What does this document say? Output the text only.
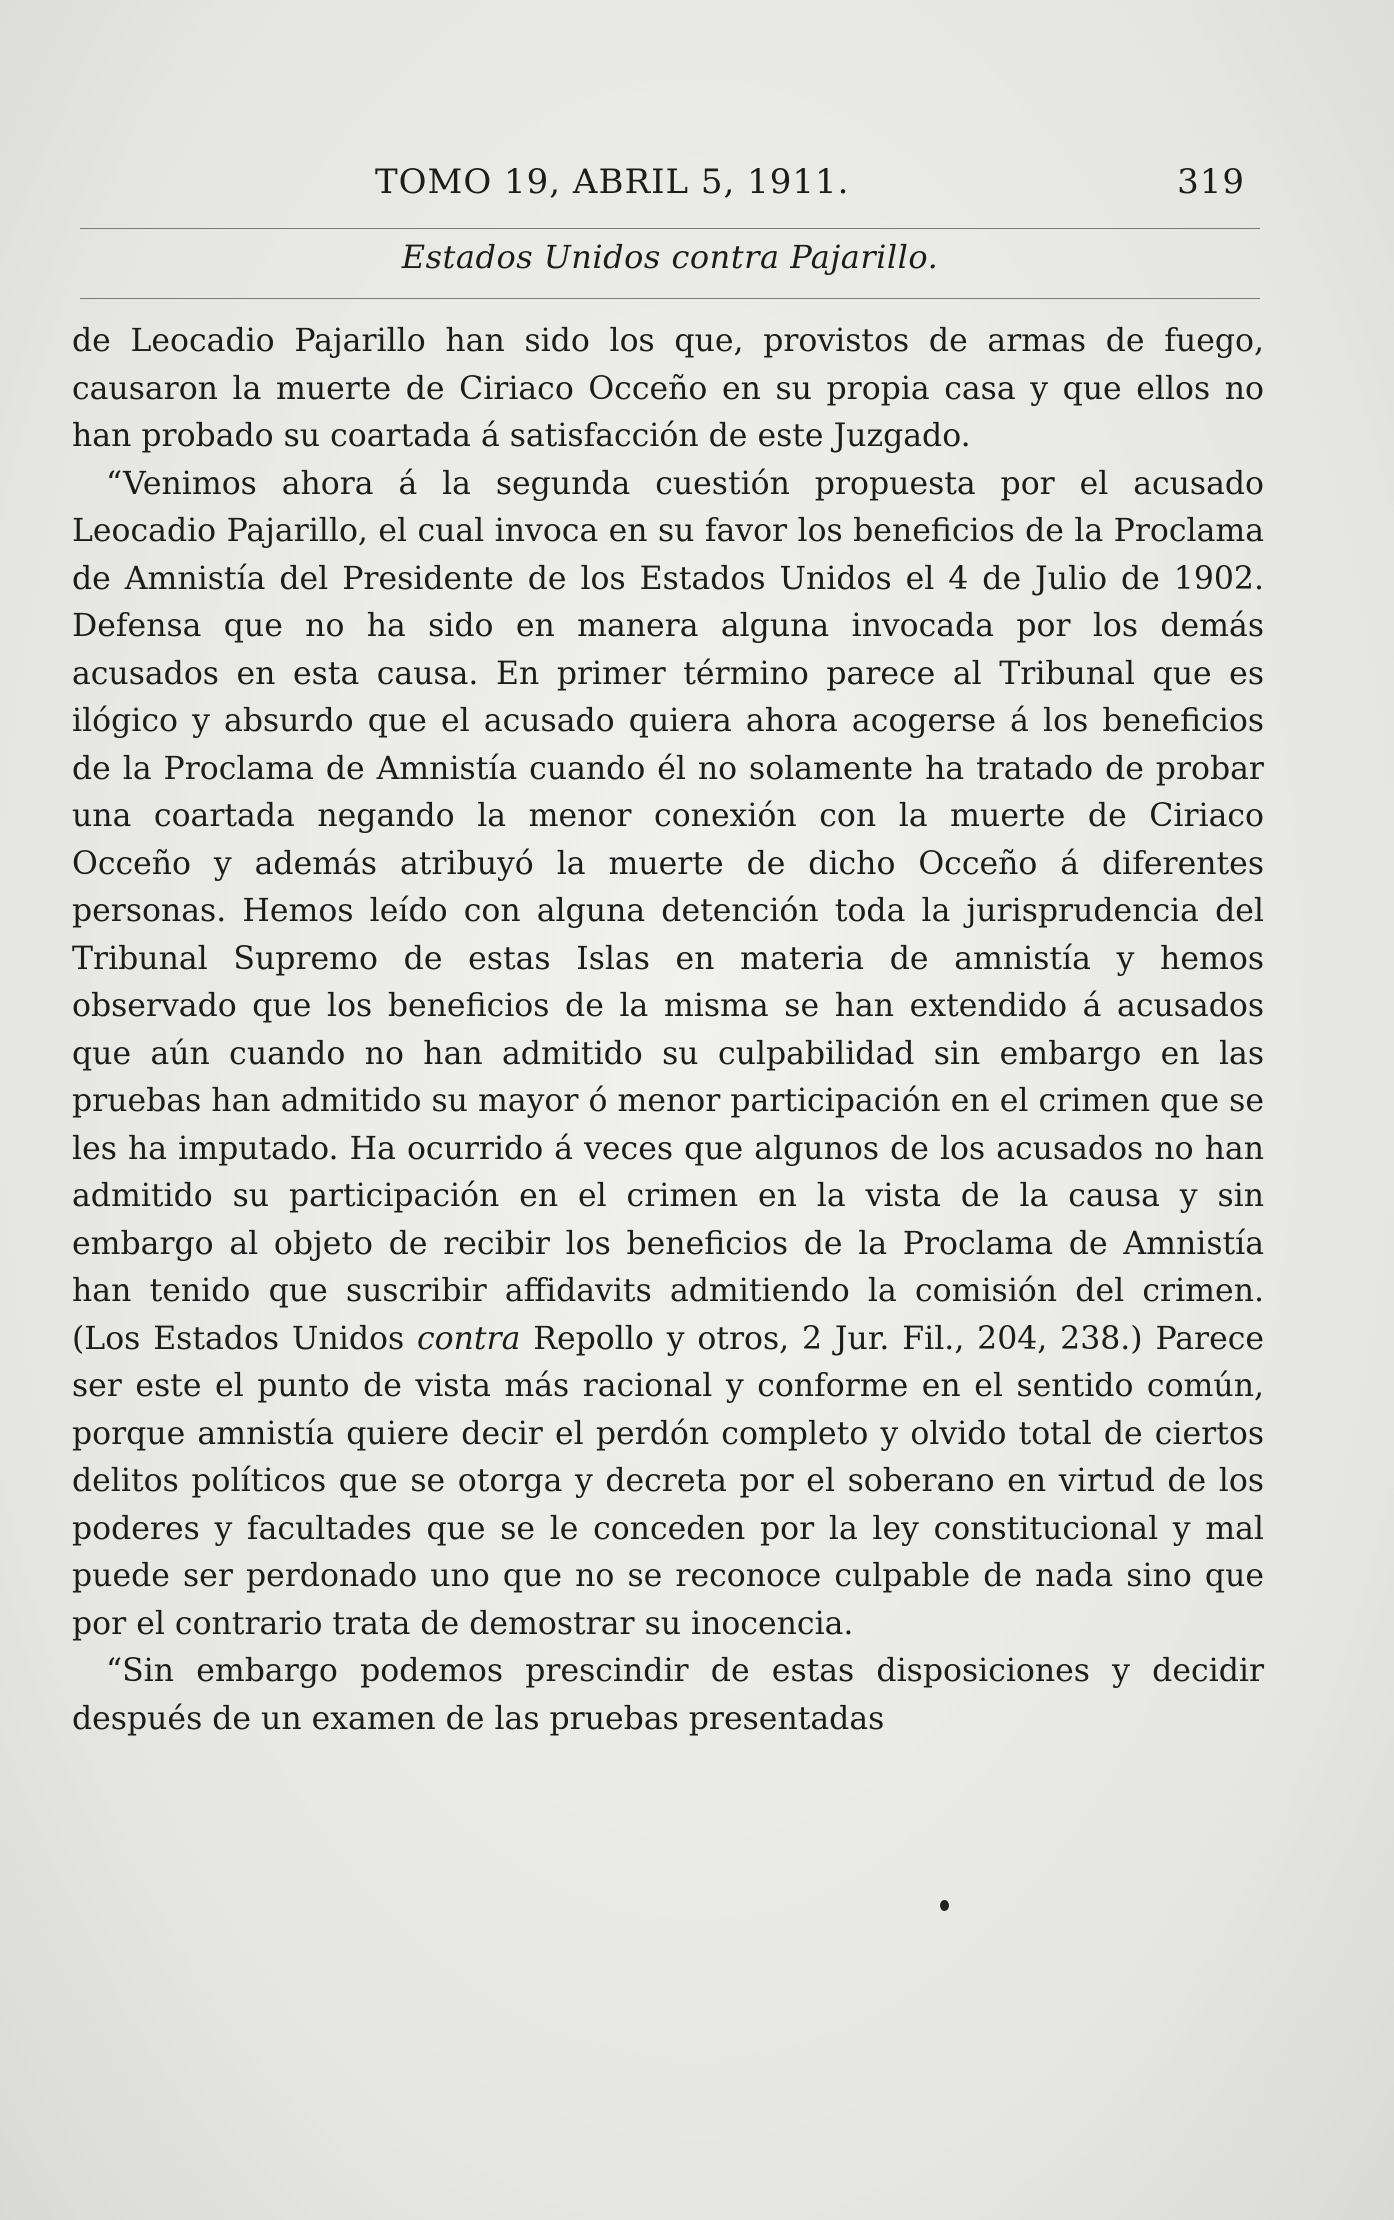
TOMO 19, ABRIL 5, 1911.	319
Estados Unidos contra Pajarillo.

de Leocadio Pajarillo han sido los que, provistos de armas de fuego, causaron la muerte de Ciriaco Occeño en su propia casa y que ellos no han probado su coartada á satisfacción de este Juzgado.

“Venimos ahora á la segunda cuestión propuesta por el acusado Leocadio Pajarillo, el cual invoca en su favor los beneficios de la Proclama de Amnistía del Presidente de los Estados Unidos el 4 de Julio de 1902. Defensa que no ha sido en manera alguna invocada por los demás acusados en esta causa. En primer término parece al Tribunal que es ilógico y absurdo que el acusado quiera ahora acogerse á los beneficios de la Proclama de Amnistía cuando él no solamente ha tratado de probar una coartada negando la menor conexión con la muerte de Ciriaco Occeño y además atribuyó la muerte de dicho Occeño á diferentes personas. Hemos leído con alguna detención toda la jurisprudencia del Tribunal Supremo de estas Islas en materia de amnistía y hemos observado que los beneficios de la misma se han extendido á acusados que aún cuando no han admitido su culpabilidad sin embargo en las pruebas han admitido su mayor ó menor participación en el crimen que se les ha imputado. Ha ocurrido á veces que algunos de los acusados no han admitido su participación en el crimen en la vista de la causa y sin embargo al objeto de recibir los beneficios de la Proclama de Amnistía han tenido que suscribir affidavits admitiendo la comisión del crimen. (Los Estados Unidos contra Repollo y otros, 2 Jur. Fil., 204, 238.) Parece ser este el punto de vista más racional y conforme en el sentido común, porque amnistía quiere decir el perdón completo y olvido total de ciertos delitos políticos que se otorga y decreta por el soberano en virtud de los poderes y facultades que se le conceden por la ley constitucional y mal puede ser perdonado uno que no se reconoce culpable de nada sino que por el contrario trata de demostrar su inocencia.

“Sin embargo podemos prescindir de estas disposiciones y decidir después de un examen de las pruebas presentadas
